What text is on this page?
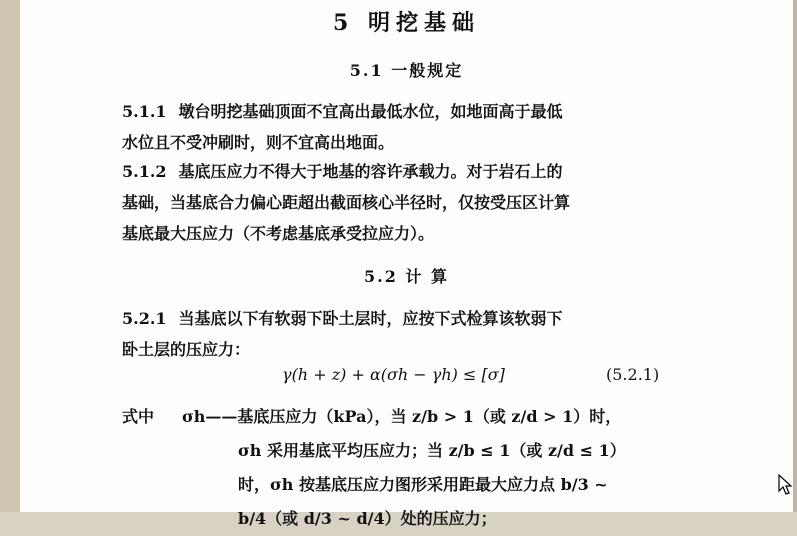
5 明挖基础
5.1 一般规定
5.1.1 墩台明挖基础顶面不宜高出最低水位，如地面高于最低
水位且不受冲刷时，则不宜高出地面。
5.1.2 基底压应力不得大于地基的容许承载力。对于岩石上的
基础，当基底合力偏心距超出截面核心半径时，仅按受压区计算
基底最大压应力（不考虑基底承受拉应力）。
5.2 计 算
5.2.1 当基底以下有软弱下卧土层时，应按下式检算该软弱下
卧土层的压应力：
γ(h + z) + α(σh − γh) ≤ [σ]	(5.2.1)
式中 σh——基底压应力（kPa），当 z/b > 1（或 z/d > 1）时，
σh 采用基底平均压应力；当 z/b ≤ 1（或 z/d ≤ 1）
时，σh 按基底压应力图形采用距最大应力点 b/3 ~
b/4（或 d/3 ~ d/4）处的压应力；
